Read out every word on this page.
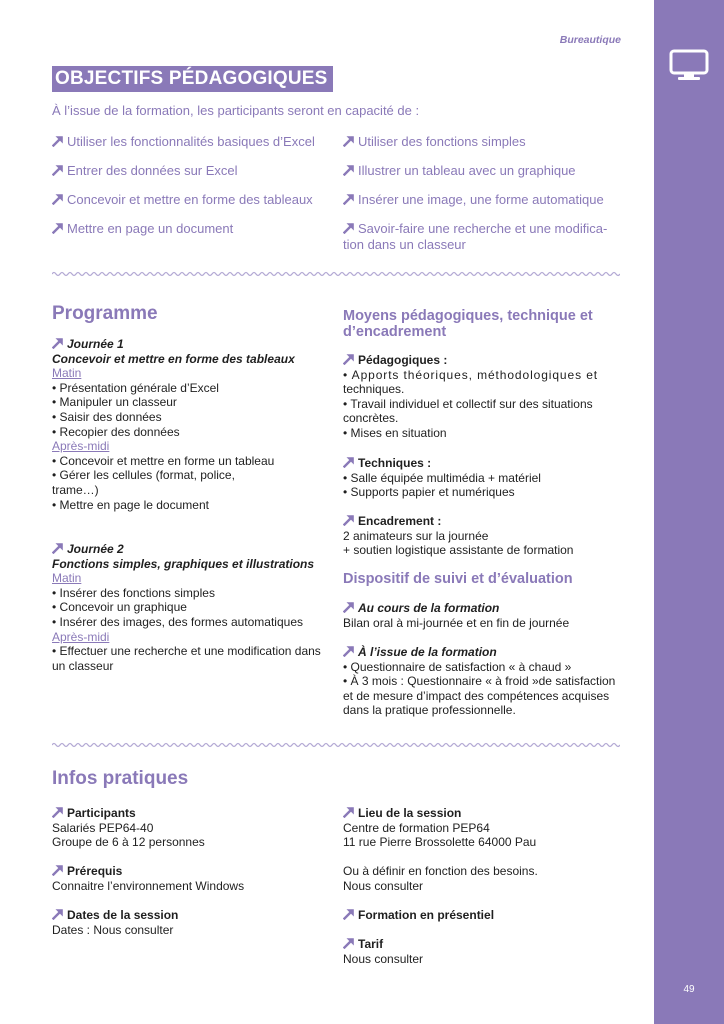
49
Bureautique
OBJECTIFS PÉDAGOGIQUES
À l’issue de la formation, les participants seront en capacité de :
Utiliser les fonctionnalités basiques d’Excel
Entrer des données sur Excel
Concevoir et mettre en forme des tableaux
Mettre en page un document
Utiliser des fonctions simples
Illustrer un tableau avec un graphique
Insérer une image, une forme automatique
Savoir-faire une recherche et une modifica-
tion dans un classeur
Programme
Journée 1
Concevoir et mettre en forme des tableaux
Matin
• Présentation générale d’Excel
• Manipuler un classeur
• Saisir des données
• Recopier des données
Après-midi
• Concevoir et mettre en forme un tableau
• Gérer les cellules (format, police,
trame…)
• Mettre en page le document
Journée 2
Fonctions simples, graphiques et illustrations
Matin
• Insérer des fonctions simples
• Concevoir un graphique
• Insérer des images, des formes automatiques
Après-midi
• Effectuer une recherche et une modification dans
un classeur
Moyens pédagogiques, technique et
d’encadrement
Pédagogiques :
• Apports théoriques, méthodologiques et
techniques.
• Travail individuel et collectif sur des situations
concrètes.
• Mises en situation
Techniques :
• Salle équipée multimédia + matériel
• Supports papier et numériques
Encadrement :
2 animateurs sur la journée
+ soutien logistique assistante de formation
Dispositif de suivi et d’évaluation
Au cours de la formation
Bilan oral à mi-journée et en fin de journée
À l’issue de la formation
• Questionnaire de satisfaction « à chaud »
• À 3 mois : Questionnaire « à froid »de satisfaction
et de mesure d’impact des compétences acquises
dans la pratique professionnelle.
Infos pratiques
Participants
Salariés PEP64-40
Groupe de 6 à 12 personnes
Prérequis
Connaitre l’environnement Windows
Dates de la session
Dates : Nous consulter
Lieu de la session
Centre de formation PEP64
11 rue Pierre Brossolette 64000 Pau
Ou à définir en fonction des besoins.
Nous consulter
Formation en présentiel
Tarif
Nous consulter
